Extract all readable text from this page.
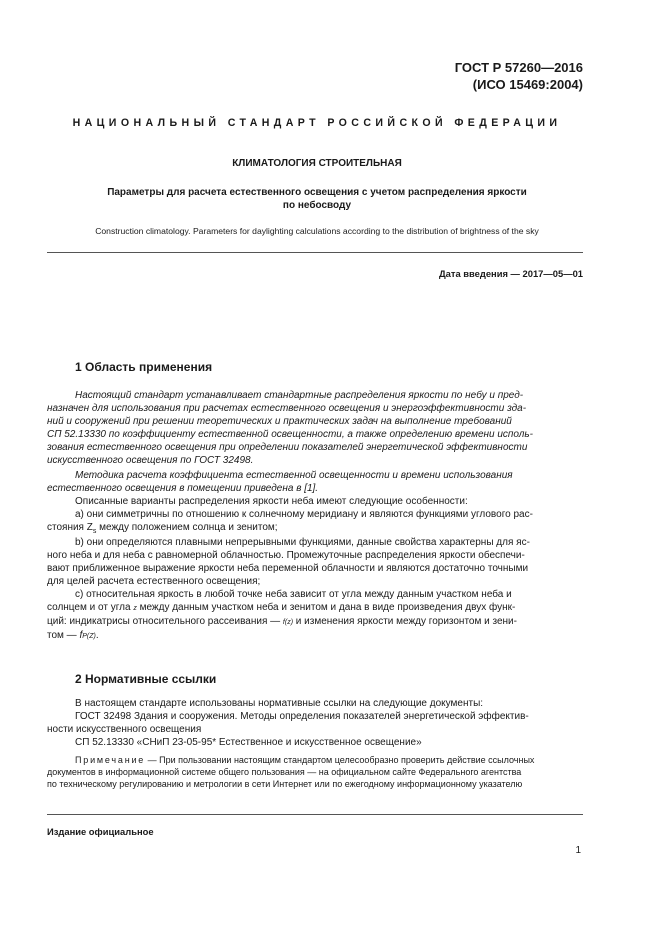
ГОСТ Р 57260—2016
(ИСО 15469:2004)
НАЦИОНАЛЬНЫЙ СТАНДАРТ РОССИЙСКОЙ ФЕДЕРАЦИИ
КЛИМАТОЛОГИЯ СТРОИТЕЛЬНАЯ
Параметры для расчета естественного освещения с учетом распределения яркости
по небосводу
Construction climatology. Parameters for daylighting calculations according to the distribution of brightness of the sky
Дата введения — 2017—05—01
1 Область применения
Настоящий стандарт устанавливает стандартные распределения яркости по небу и пред-
назначен для использования при расчетах естественного освещения и энергоэффективности зда-
ний и сооружений при решении теоретических и практических задач на выполнение требований
СП 52.13330 по коэффициенту естественной освещенности, а также определению времени исполь-
зования естественного освещения при определении показателей энергетической эффективности
искусственного освещения по ГОСТ 32498.
Методика расчета коэффициента естественной освещенности и времени использования
естественного освещения в помещении приведена в [1].
Описанные варианты распределения яркости неба имеют следующие особенности:
a) они симметричны по отношению к солнечному меридиану и являются функциями углового рас-
стояния $Z_s$ между положением солнца и зенитом;
b) они определяются плавными непрерывными функциями, данные свойства характерны для яс-
ного неба и для неба с равномерной облачностью. Промежуточные распределения яркости обеспечи-
вают приближенное выражение яркости неба переменной облачности и являются достаточно точными
для целей расчета естественного освещения;
c) относительная яркость в любой точке неба зависит от угла между данным участком неба и
солнцем и от угла z между данным участком неба и зенитом и дана в виде произведения двух функ-
ций: индикатрисы относительного рассеивания — f(z) и изменения яркости между горизонтом и зени-
том — fP(Z).
2 Нормативные ссылки
В настоящем стандарте использованы нормативные ссылки на следующие документы:
ГОСТ 32498 Здания и сооружения. Методы определения показателей энергетической эффектив-
ности искусственного освещения
СП 52.13330 «СНиП 23-05-95* Естественное и искусственное освещение»
Примечание — При пользовании настоящим стандартом целесообразно проверить действие ссылочных
документов в информационной системе общего пользования — на официальном сайте Федерального агентства
по техническому регулированию и метрологии в сети Интернет или по ежегодному информационному указателю
Издание официальное
1
